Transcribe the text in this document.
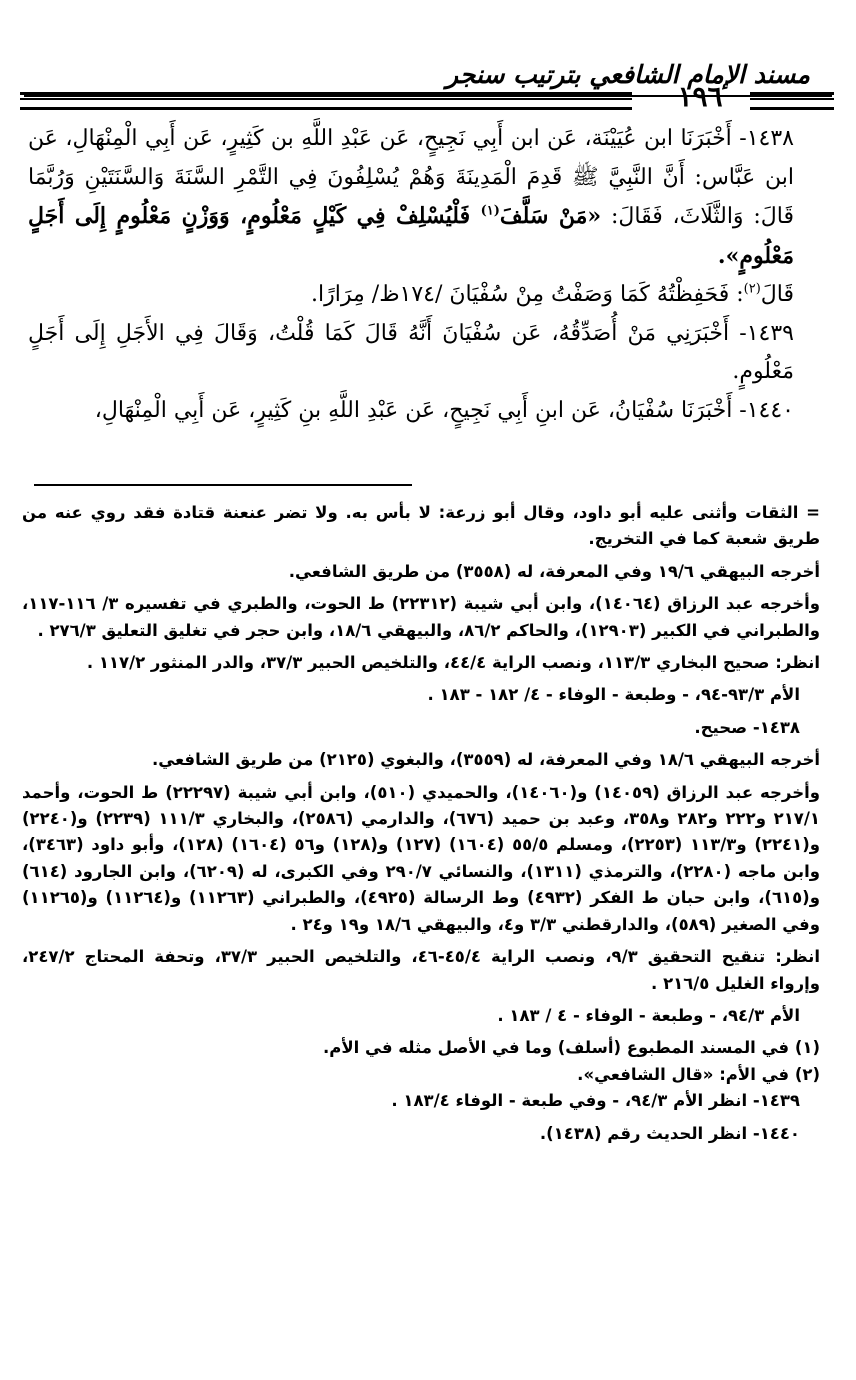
مسند الإمام الشافعي بترتيب سنجر
١٩٦

١٤٣٨- أَخْبَرَنَا ابن عُيَيْنَة، عَن ابن أَبِي نَجِيحٍ، عَن عَبْدِ اللَّهِ بن كَثِيرٍ، عَن أَبِي الْمِنْهَالِ، عَن ابن عَبَّاس: أَنَّ النَّبِيَّ ﷺ قَدِمَ الْمَدِينَةَ وَهُمْ يُسْلِفُونَ فِي التَّمْرِ السَّنَةَ وَالسَّنَتَيْنِ وَرُبَّمَا قَالَ: وَالثَّلَاثَ، فَقَالَ: «مَنْ سَلَّفَ$^{(١)}$ فَلْيُسْلِفْ فِي كَيْلٍ مَعْلُومٍ، وَوَزْنٍ مَعْلُومٍ إِلَى أَجَلٍ مَعْلُومٍ».

قَالَ$^{(٢)}$: فَحَفِظْتُهُ كَمَا وَصَفْتُ مِنْ سُفْيَانَ /١٧٤ظ/ مِرَارًا.

١٤٣٩- أَخْبَرَنِي مَنْ أُصَدِّقُهُ، عَن سُفْيَانَ أَنَّهُ قَالَ كَمَا قُلْتُ، وَقَالَ فِي الأَجَلِ إِلَى أَجَلٍ مَعْلُومٍ.

١٤٤٠- أَخْبَرَنَا سُفْيَانُ، عَن ابنِ أَبِي نَجِيحٍ، عَن عَبْدِ اللَّهِ بنِ كَثِيرٍ، عَن أَبِي الْمِنْهَالِ،

= الثقات وأثنى عليه أبو داود، وقال أبو زرعة: لا بأس به. ولا تضر عنعنة قتادة فقد روي عنه من طريق شعبة كما في التخريج.

أخرجه البيهقي ١٩/٦ وفي المعرفة، له (٣٥٥٨) من طريق الشافعي.

وأخرجه عبد الرزاق (١٤٠٦٤)، وابن أبي شيبة (٢٢٣١٢) ط الحوت، والطبري في تفسيره ٣/ ١١٦-١١٧، والطبراني في الكبير (١٢٩٠٣)، والحاكم ٨٦/٢، والبيهقي ١٨/٦، وابن حجر في تغليق التعليق ٢٧٦/٣ .

انظر: صحيح البخاري ١١٣/٣، ونصب الراية ٤٤/٤، والتلخيص الحبير ٣٧/٣، والدر المنثور ١١٧/٢ .

الأم ٩٣/٣-٩٤، - وطبعة - الوفاء - ٤/ ١٨٢ - ١٨٣ .

١٤٣٨- صحيح.

أخرجه البيهقي ١٨/٦ وفي المعرفة، له (٣٥٥٩)، والبغوي (٢١٢٥) من طريق الشافعي.

وأخرجه عبد الرزاق (١٤٠٥٩) و(١٤٠٦٠)، والحميدي (٥١٠)، وابن أبي شيبة (٢٢٢٩٧) ط الحوت، وأحمد ٢١٧/١ و٢٢٢ و٢٨٢ و٣٥٨، وعبد بن حميد (٦٧٦)، والدارمي (٢٥٨٦)، والبخاري ١١١/٣ (٢٢٣٩) و(٢٢٤٠) و(٢٢٤١) و١١٣/٣ (٢٢٥٣)، ومسلم ٥٥/٥ (١٦٠٤) (١٢٧) و(١٢٨) و٥٦ (١٦٠٤) (١٢٨)، وأبو داود (٣٤٦٣)، وابن ماجه (٢٢٨٠)، والترمذي (١٣١١)، والنسائي ٢٩٠/٧ وفي الكبرى، له (٦٢٠٩)، وابن الجارود (٦١٤) و(٦١٥)، وابن حبان ط الفكر (٤٩٣٢) وط الرسالة (٤٩٢٥)، والطبراني (١١٢٦٣) و(١١٢٦٤) و(١١٢٦٥) وفي الصغير (٥٨٩)، والدارقطني ٣/٣ و٤، والبيهقي ١٨/٦ و١٩ و٢٤ .

انظر: تنقيح التحقيق ٩/٣، ونصب الراية ٤٥/٤-٤٦، والتلخيص الحبير ٣٧/٣، وتحفة المحتاج ٢٤٧/٢، وإرواء الغليل ٢١٦/٥ .

الأم ٩٤/٣، - وطبعة - الوفاء - ٤ / ١٨٣ .

(١) في المسند المطبوع (أسلف) وما في الأصل مثله في الأم.

(٢) في الأم: «قال الشافعي».

١٤٣٩- انظر الأم ٩٤/٣، - وفي طبعة - الوفاء ١٨٣/٤ .

١٤٤٠- انظر الحديث رقم (١٤٣٨).
